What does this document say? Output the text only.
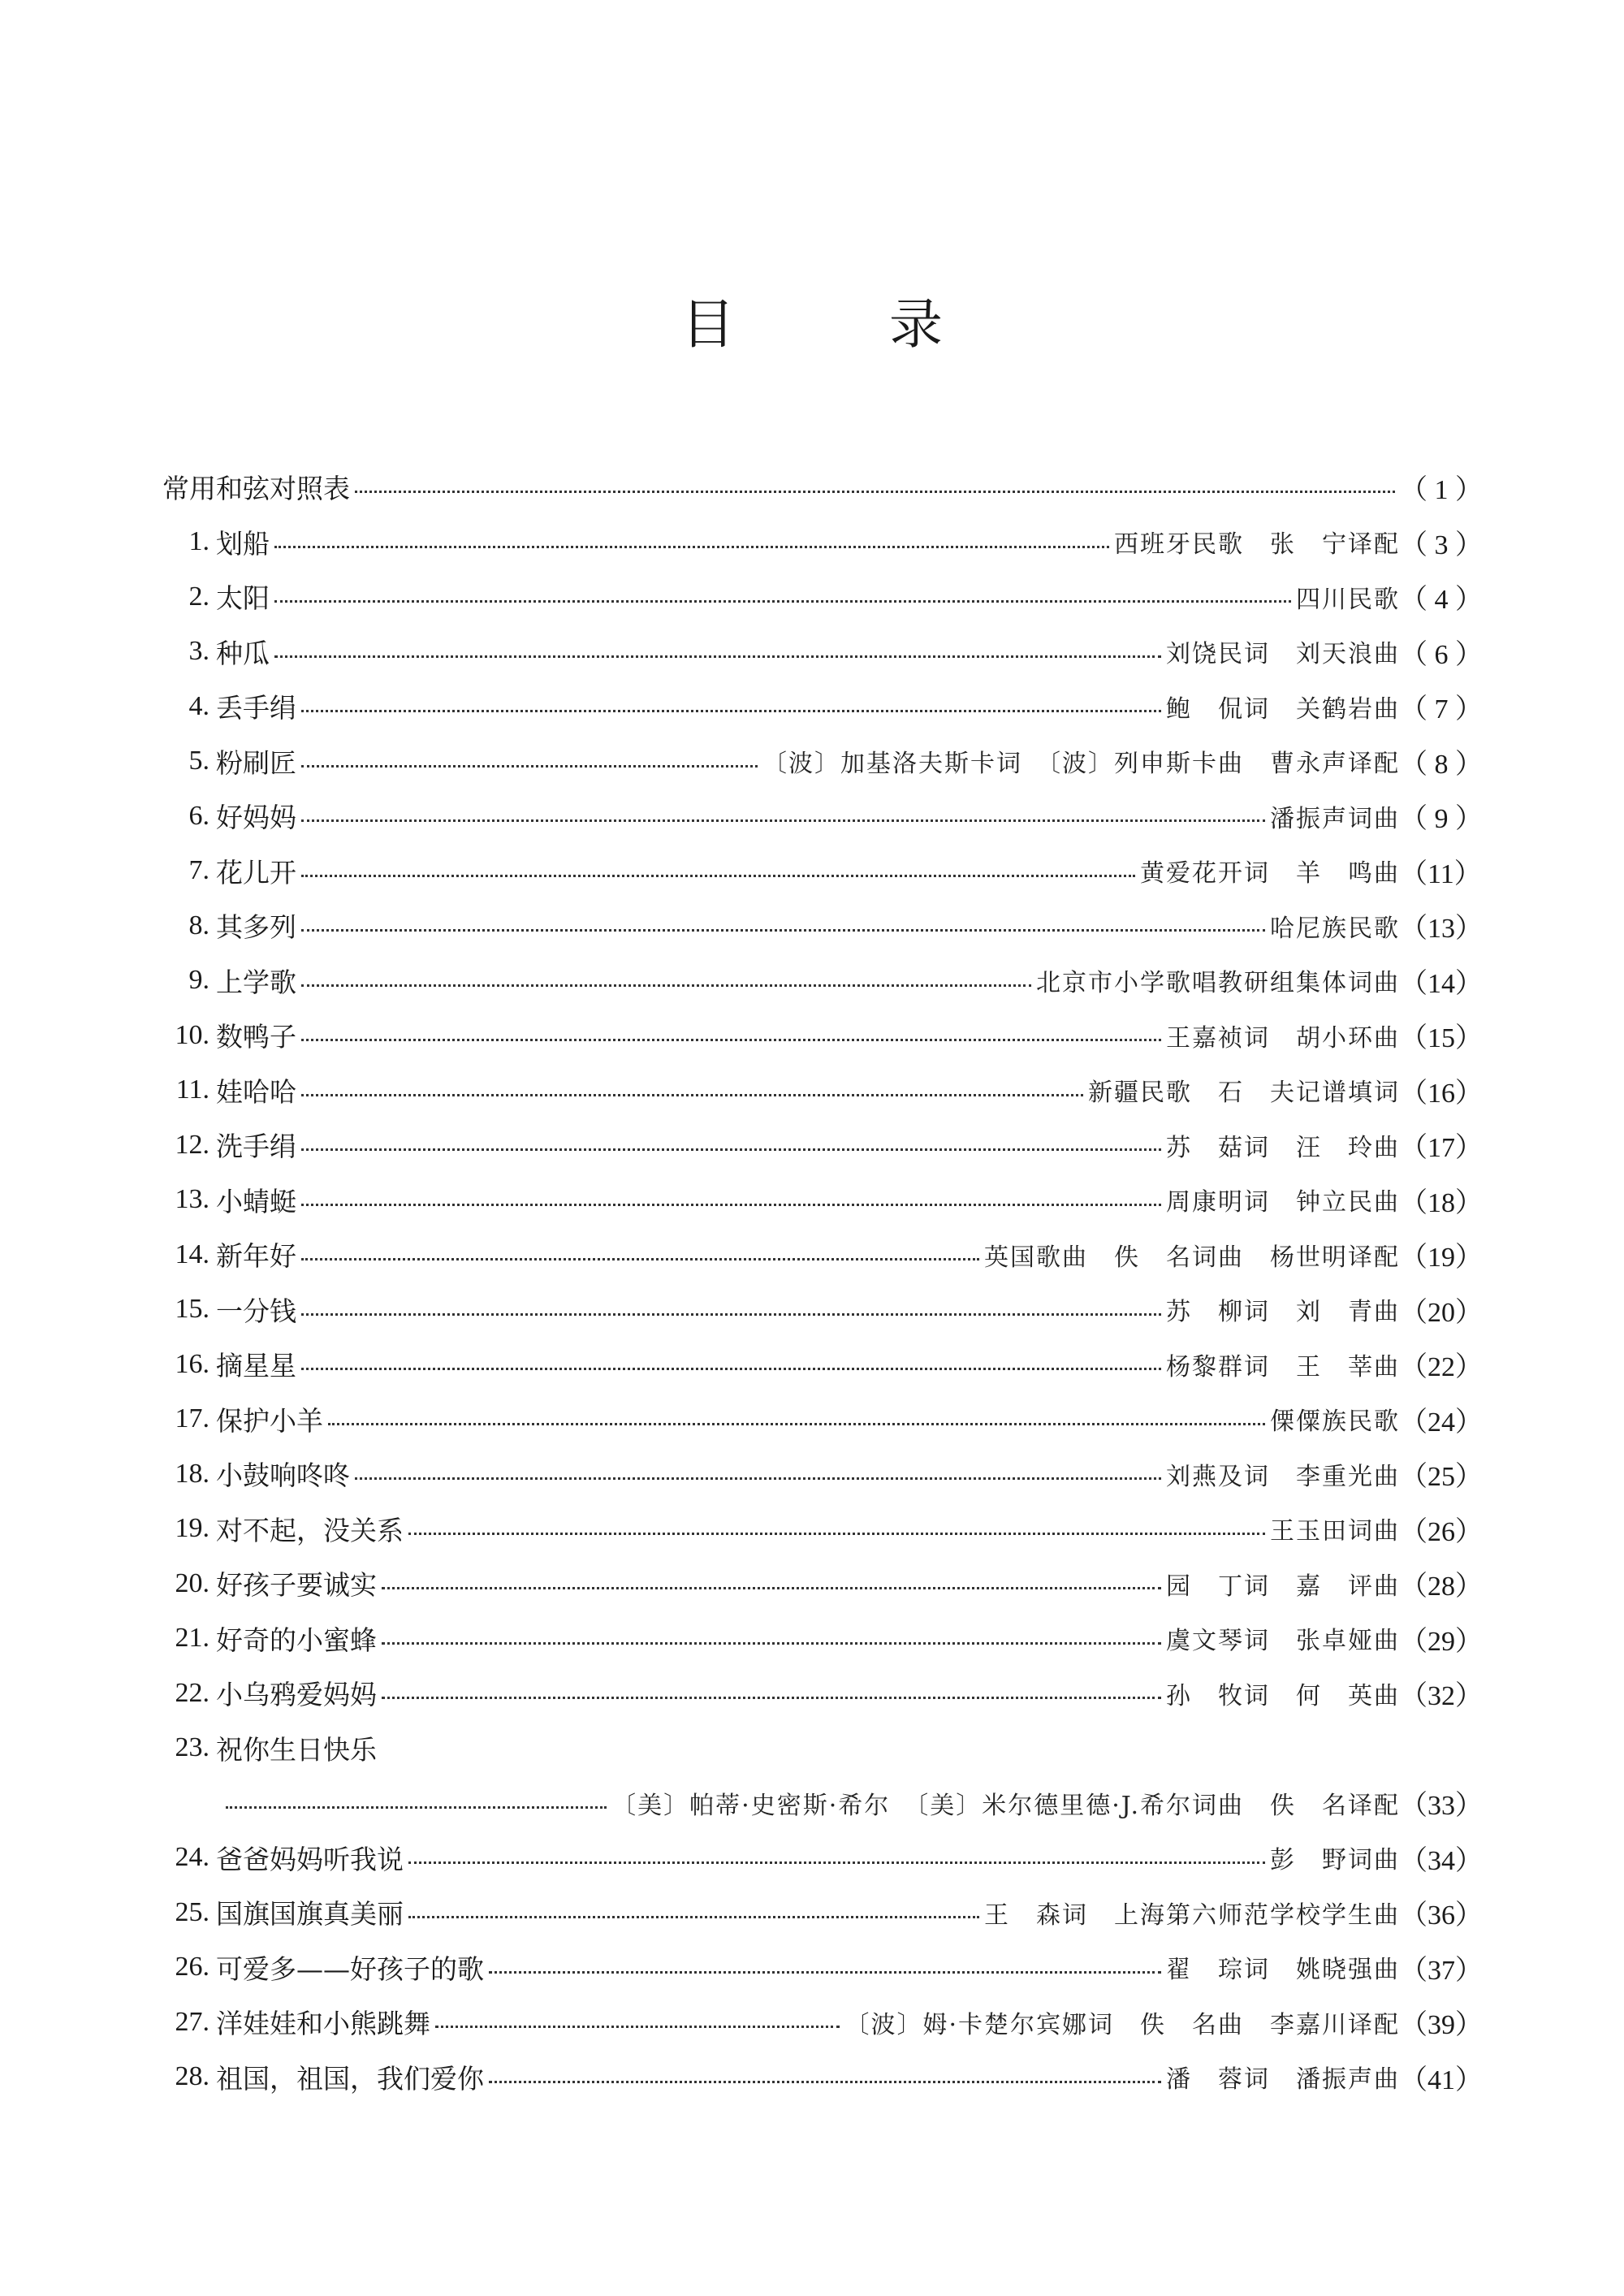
目录
常用和弦对照表	（ 1 ）
1. 划船	西班牙民歌　张　宁译配 （ 3 ）
2. 太阳	四川民歌 （ 4 ）
3. 种瓜	刘饶民词　刘天浪曲 （ 6 ）
4. 丢手绢	鲍　侃词　关鹤岩曲 （ 7 ）
5. 粉刷匠	〔波〕加基洛夫斯卡词　〔波〕列申斯卡曲　曹永声译配 （ 8 ）
6. 好妈妈	潘振声词曲 （ 9 ）
7. 花儿开	黄爱花开词　羊　鸣曲 （11）
8. 其多列	哈尼族民歌 （13）
9. 上学歌	北京市小学歌唱教研组集体词曲 （14）
10. 数鸭子	王嘉祯词　胡小环曲 （15）
11. 娃哈哈	新疆民歌　石　夫记谱填词 （16）
12. 洗手绢	苏　菇词　汪　玲曲 （17）
13. 小蜻蜓	周康明词　钟立民曲 （18）
14. 新年好	英国歌曲　佚　名词曲　杨世明译配 （19）
15. 一分钱	苏　柳词　刘　青曲 （20）
16. 摘星星	杨黎群词　王　莘曲 （22）
17. 保护小羊	傈僳族民歌 （24）
18. 小鼓响咚咚	刘燕及词　李重光曲 （25）
19. 对不起，没关系	王玉田词曲 （26）
20. 好孩子要诚实	园　丁词　嘉　评曲 （28）
21. 好奇的小蜜蜂	虞文琴词　张卓娅曲 （29）
22. 小乌鸦爱妈妈	孙　牧词　何　英曲 （32）
23. 祝你生日快乐
〔美〕帕蒂·史密斯·希尔　〔美〕米尔德里德·J.希尔词曲　佚　名译配 （33）
24. 爸爸妈妈听我说	彭　野词曲 （34）
25. 国旗国旗真美丽	王　森词　上海第六师范学校学生曲 （36）
26. 可爱多——好孩子的歌	翟　琮词　姚晓强曲 （37）
27. 洋娃娃和小熊跳舞	〔波〕姆·卡楚尔宾娜词　佚　名曲　李嘉川译配 （39）
28. 祖国，祖国，我们爱你	潘　蓉词　潘振声曲 （41）
